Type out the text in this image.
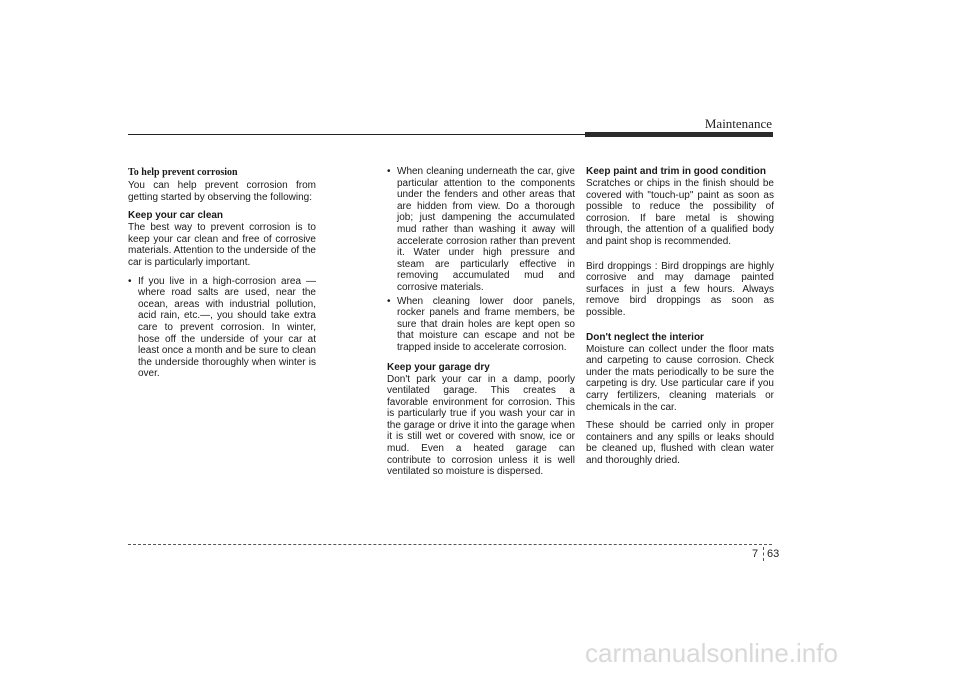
Maintenance
To help prevent corrosion

You can help prevent corrosion from getting started by observing the following:

Keep your car clean

The best way to prevent corrosion is to keep your car clean and free of corrosive materials. Attention to the underside of the car is particularly important.

• If you live in a high-corrosion area — where road salts are used, near the ocean, areas with industrial pollution, acid rain, etc.—, you should take extra care to prevent corrosion. In winter, hose off the underside of your car at least once a month and be sure to clean the underside thoroughly when winter is over.
• When cleaning underneath the car, give particular attention to the components under the fenders and other areas that are hidden from view. Do a thorough job; just dampening the accumulated mud rather than washing it away will accelerate corrosion rather than prevent it. Water under high pressure and steam are particularly effective in removing accumulated mud and corrosive materials.
• When cleaning lower door panels, rocker panels and frame members, be sure that drain holes are kept open so that moisture can escape and not be trapped inside to accelerate corrosion.
Keep your garage dry

Don't park your car in a damp, poorly ventilated garage. This creates a favorable environment for corrosion. This is particularly true if you wash your car in the garage or drive it into the garage when it is still wet or covered with snow, ice or mud. Even a heated garage can contribute to corrosion unless it is well ventilated so moisture is dispersed.

Keep paint and trim in good condition

Scratches or chips in the finish should be covered with "touch-up" paint as soon as possible to reduce the possibility of corrosion. If bare metal is showing through, the attention of a qualified body and paint shop is recommended.

Bird droppings : Bird droppings are highly corrosive and may damage painted surfaces in just a few hours. Always remove bird droppings as soon as possible.

Don't neglect the interior

Moisture can collect under the floor mats and carpeting to cause corrosion. Check under the mats periodically to be sure the carpeting is dry. Use particular care if you carry fertilizers, cleaning materials or chemicals in the car.

These should be carried only in proper containers and any spills or leaks should be cleaned up, flushed with clean water and thoroughly dried.

7 63
carmanualsonline.info
